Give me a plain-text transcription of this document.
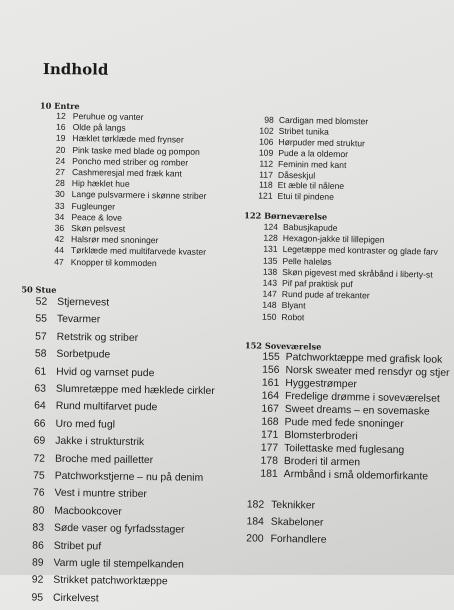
Indhold
10 Entre
12 Peruhue og vanter
16 Olde på langs
19 Hæklet tørklæde med frynser
20 Pink taske med blade og pompon
24 Poncho med striber og romber
27 Cashmeresjal med fræk kant
28 Hip hæklet hue
30 Lange pulsvarmere i skønne striber
33 Fugleunger
34 Peace & love
36 Skøn pelsvest
42 Halsrør med snoninger
44 Tørklæde med multifarvede kvaster
47 Knopper til kommoden
50 Stue
52 Stjernevest
55 Tevarmer
57 Retstrik og striber
58 Sorbetpude
61 Hvid og varnset pude
63 Slumretæppe med hæklede cirkler
64 Rund multifarvet pude
66 Uro med fugl
69 Jakke i strukturstrik
72 Broche med pailletter
75 Patchworkstjerne – nu på denim
76 Vest i muntre striber
80 Macbookcover
83 Søde vaser og fyrfadsstager
86 Stribet puf
89 Varm ugle til stempelkanden
92 Strikket patchworktæppe
95 Cirkelvest
98 Cardigan med blomster
102 Stribet tunika
106 Hørpuder med struktur
109 Pude a la oldemor
112 Feminin med kant
117 Dåseskjul
118 Et æble til nålene
121 Etui til pindene
122 Børneværelse
124 Babusjkapude
128 Hexagon-jakke til lillepigen
131 Legetæppe med kontraster og glade farv
135 Pelle haleløs
138 Skøn pigevest med skråbånd i liberty-st
143 Pif paf praktisk puf
147 Rund pude af trekanter
148 Blyant
150 Robot
152 Soveværelse
155 Patchworktæppe med grafisk look
156 Norsk sweater med rensdyr og stjer
161 Hyggestrømper
164 Fredelige drømme i soveværelset
167 Sweet dreams – en sovemaske
168 Pude med fede snoninger
171 Blomsterbroderi
177 Toilettaske med fuglesang
178 Broderi til armen
181 Armbånd i små oldemorfirkante
182 Teknikker
184 Skabeloner
200 Forhandlere
